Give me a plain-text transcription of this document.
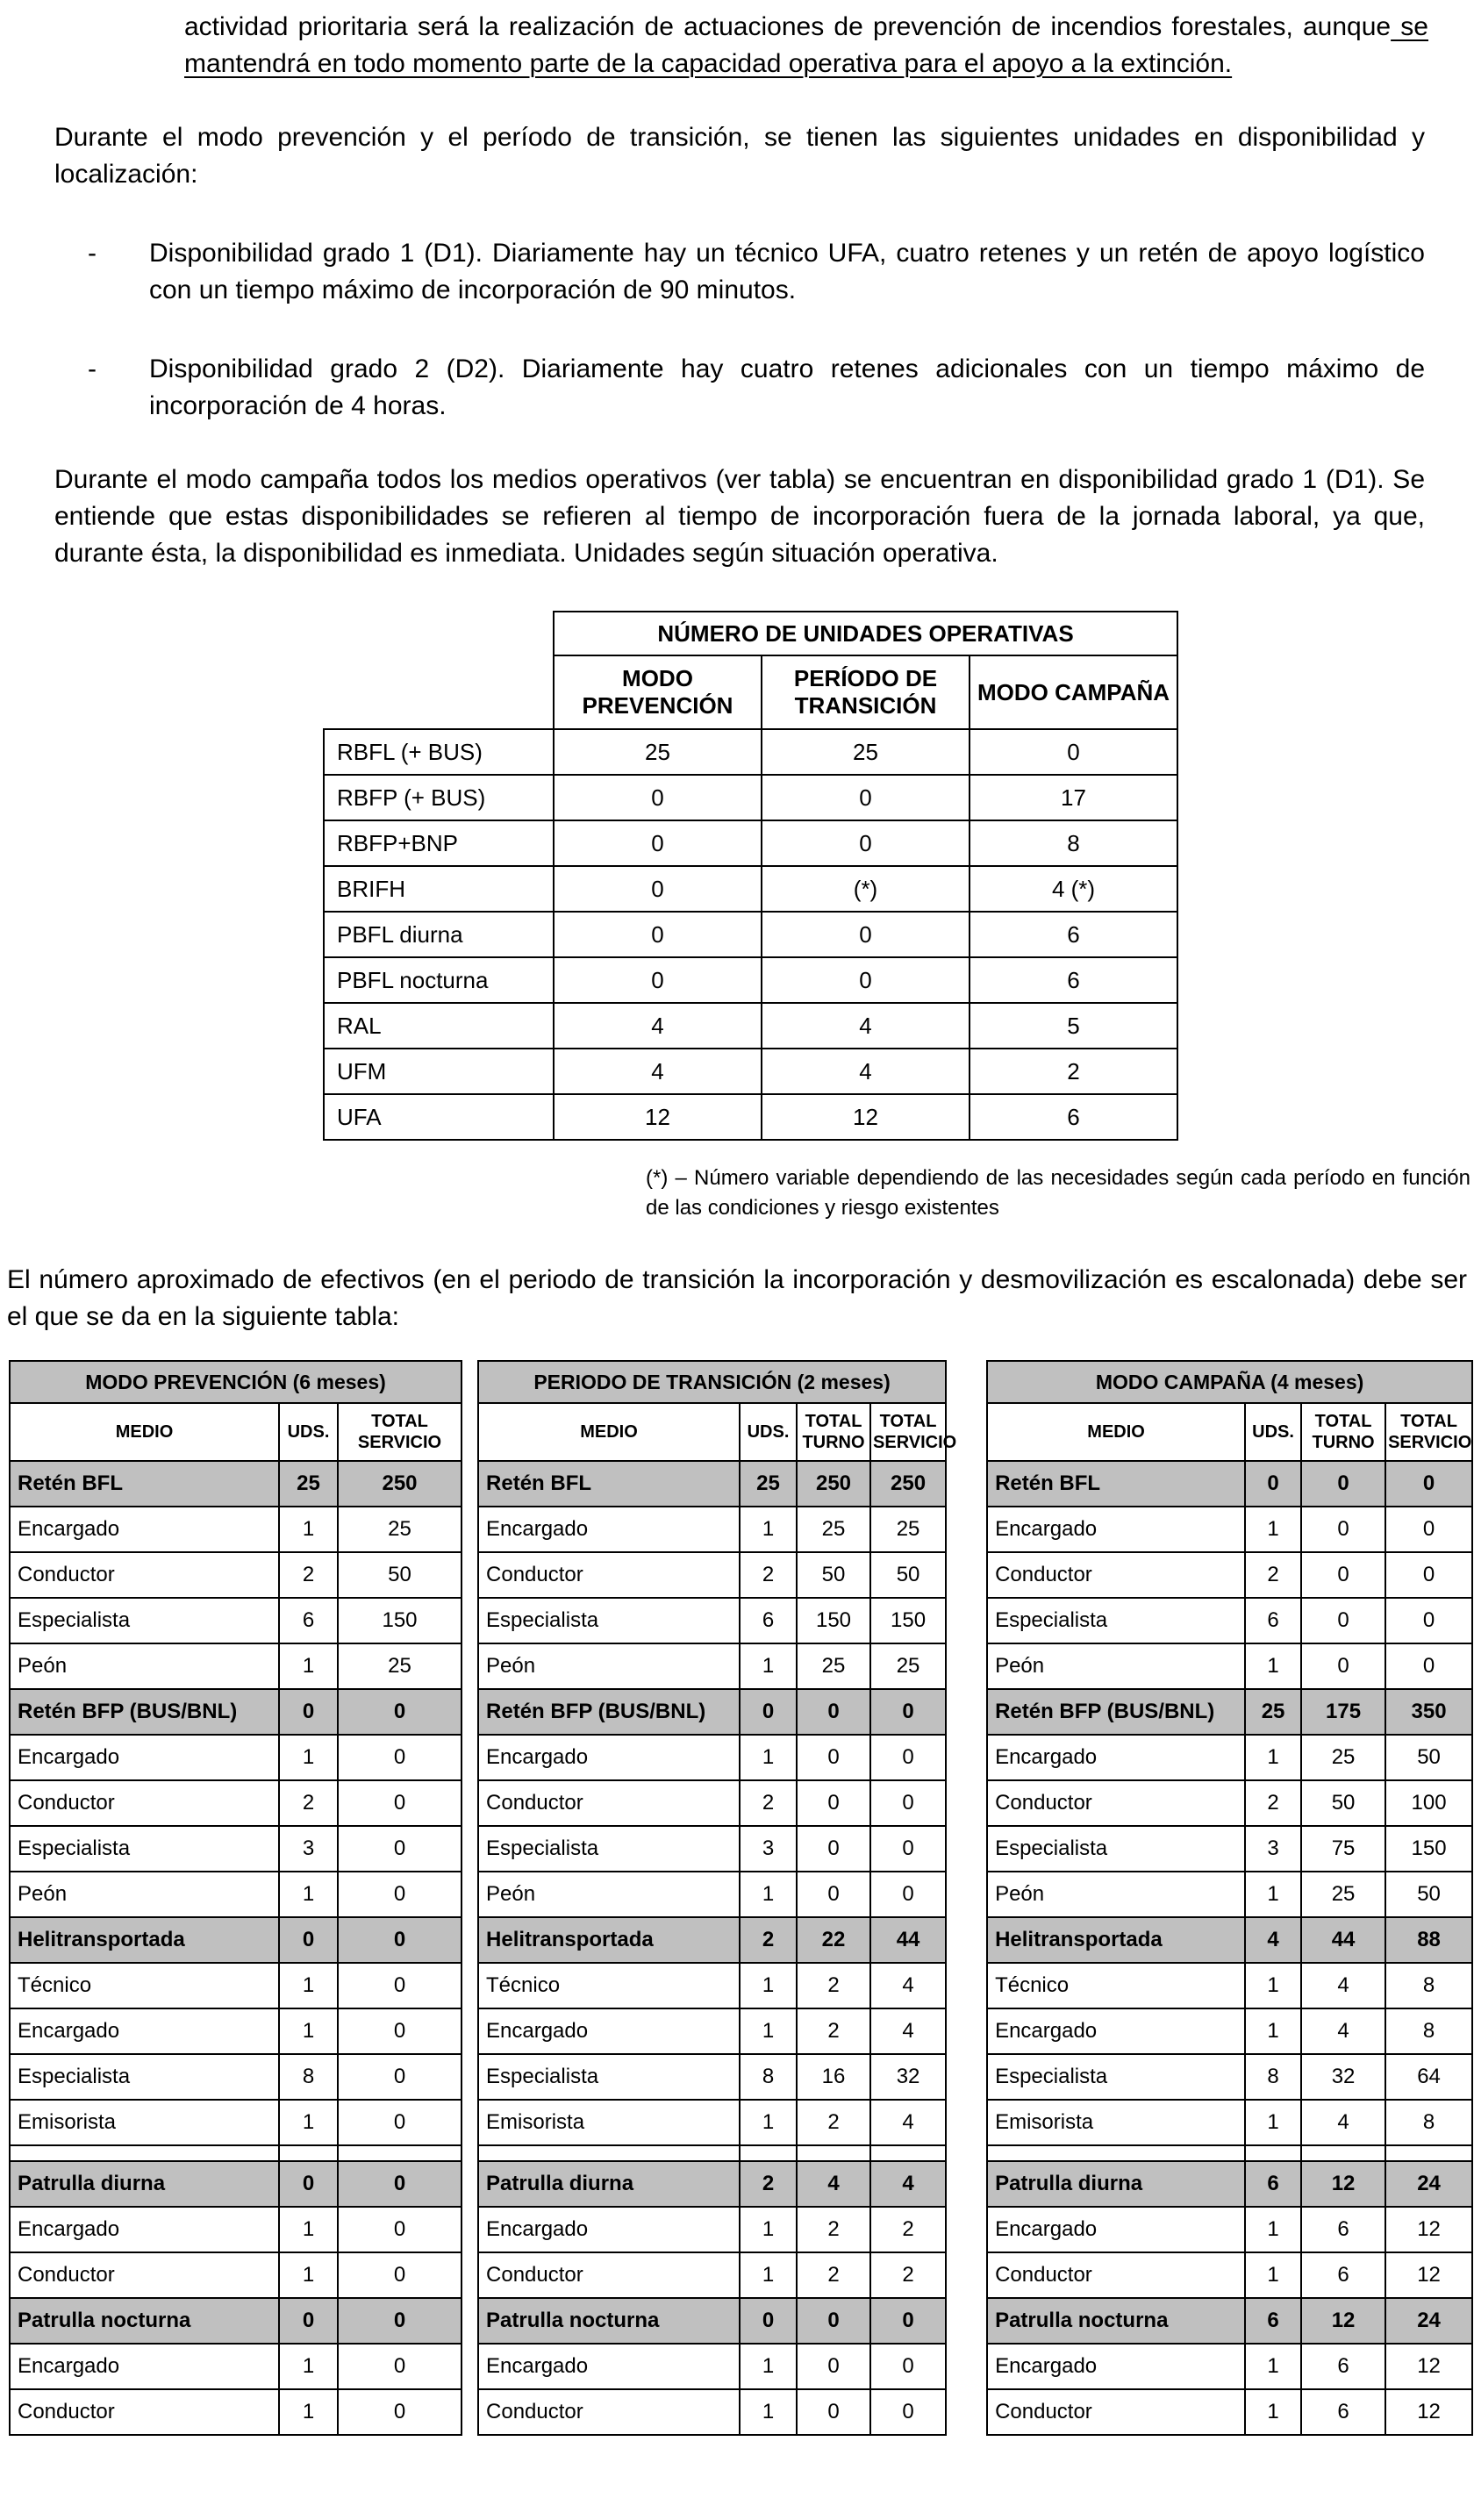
actividad prioritaria será la realización de actuaciones de prevención de incendios forestales, aunque se mantendrá en todo momento parte de la capacidad operativa para el apoyo a la extinción.

Durante el modo prevención y el período de transición, se tienen las siguientes unidades en disponibilidad y localización:

-	Disponibilidad grado 1 (D1). Diariamente hay un técnico UFA, cuatro retenes y un retén de apoyo logístico con un tiempo máximo de incorporación de 90 minutos.
-	Disponibilidad grado 2 (D2). Diariamente hay cuatro retenes adicionales con un tiempo máximo de incorporación de 4 horas.

Durante el modo campaña todos los medios operativos (ver tabla) se encuentran en disponibilidad grado 1 (D1). Se entiende que estas disponibilidades se refieren al tiempo de incorporación fuera de la jornada laboral, ya que, durante ésta, la disponibilidad es inmediata. Unidades según situación operativa.

	NÚMERO DE UNIDADES OPERATIVAS		
	MODO PREVENCIÓN	PERÍODO DE TRANSICIÓN	MODO CAMPAÑA
RBFL (+ BUS)	25	25	0
RBFP (+ BUS)	0	0	17
RBFP+BNP	0	0	8
BRIFH	0	(*)	4 (*)
PBFL diurna	0	0	6
PBFL nocturna	0	0	6
RAL	4	4	5
UFM	4	4	2
UFA	12	12	6

(*) – Número variable dependiendo de las necesidades según cada período en función de las condiciones y riesgo existentes

El número aproximado de efectivos (en el periodo de transición la incorporación y desmovilización es escalonada) debe ser el que se da en la siguiente tabla:

MODO PREVENCIÓN (6 meses)		
MEDIO	UDS.	TOTAL SERVICIO
Retén BFL	25	250
Encargado	1	25
Conductor	2	50
Especialista	6	150
Peón	1	25
Retén BFP (BUS/BNL)	0	0
Encargado	1	0
Conductor	2	0
Especialista	3	0
Peón	1	0
Helitransportada	0	0
Técnico	1	0
Encargado	1	0
Especialista	8	0
Emisorista	1	0

Patrulla diurna	0	0
Encargado	1	0
Conductor	1	0
Patrulla nocturna	0	0
Encargado	1	0
Conductor	1	0
PERIODO DE TRANSICIÓN (2 meses)			
MEDIO	UDS.	TOTAL TURNO	TOTAL SERVICIO
Retén BFL	25	250	250
Encargado	1	25	25
Conductor	2	50	50
Especialista	6	150	150
Peón	1	25	25
Retén BFP (BUS/BNL)	0	0	0
Encargado	1	0	0
Conductor	2	0	0
Especialista	3	0	0
Peón	1	0	0
Helitransportada	2	22	44
Técnico	1	2	4
Encargado	1	2	4
Especialista	8	16	32
Emisorista	1	2	4

Patrulla diurna	2	4	4
Encargado	1	2	2
Conductor	1	2	2
Patrulla nocturna	0	0	0
Encargado	1	0	0
Conductor	1	0	0
MODO CAMPAÑA (4 meses)			
MEDIO	UDS.	TOTAL TURNO	TOTAL SERVICIO
Retén BFL	0	0	0
Encargado	1	0	0
Conductor	2	0	0
Especialista	6	0	0
Peón	1	0	0
Retén BFP (BUS/BNL)	25	175	350
Encargado	1	25	50
Conductor	2	50	100
Especialista	3	75	150
Peón	1	25	50
Helitransportada	4	44	88
Técnico	1	4	8
Encargado	1	4	8
Especialista	8	32	64
Emisorista	1	4	8

Patrulla diurna	6	12	24
Encargado	1	6	12
Conductor	1	6	12
Patrulla nocturna	6	12	24
Encargado	1	6	12
Conductor	1	6	12
